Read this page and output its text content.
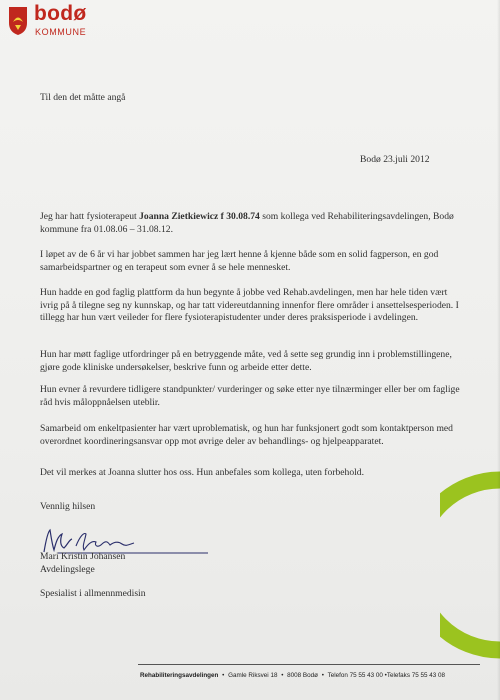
bodø
KOMMUNE
Til den det måtte angå
Bodø 23.juli 2012
Jeg har hatt fysioterapeut Joanna Zietkiewicz f 30.08.74 som kollega ved Rehabiliteringsavdelingen, Bodø kommune fra 01.08.06 – 31.08.12.
I løpet av de 6 år vi har jobbet sammen har jeg lært henne å kjenne både som en solid fagperson, en god samarbeidspartner og en terapeut som evner å se hele mennesket.
Hun hadde en god faglig plattform da hun begynte å jobbe ved Rehab.avdelingen, men har hele tiden vært ivrig på å tilegne seg ny kunnskap, og har tatt videreutdanning innenfor flere områder i ansettelsesperioden. I tillegg har hun vært veileder for flere fysioterapistudenter under deres praksisperiode i avdelingen.
Hun har møtt faglige utfordringer på en betryggende måte, ved å sette seg grundig inn i problemstillingene, gjøre gode kliniske undersøkelser, beskrive funn og arbeide etter dette.
Hun evner å revurdere tidligere standpunkter/ vurderinger og søke etter nye tilnærminger eller ber om faglige råd hvis måloppnåelsen uteblir.
Samarbeid om enkeltpasienter har vært uproblematisk, og hun har funksjonert godt som kontaktperson med overordnet koordineringsansvar opp mot øvrige deler av behandlings- og hjelpeapparatet.
Det vil merkes at Joanna slutter hos oss. Hun anbefales som kollega, uten forbehold.
Vennlig hilsen
Mari Kristin Johansen
Avdelingslege
Spesialist i allmennmedisin
Rehabiliteringsavdelingen • Gamle Riksvei 18 • 8008 Bodø • Telefon 75 55 43 00 •Telefaks 75 55 43 08
